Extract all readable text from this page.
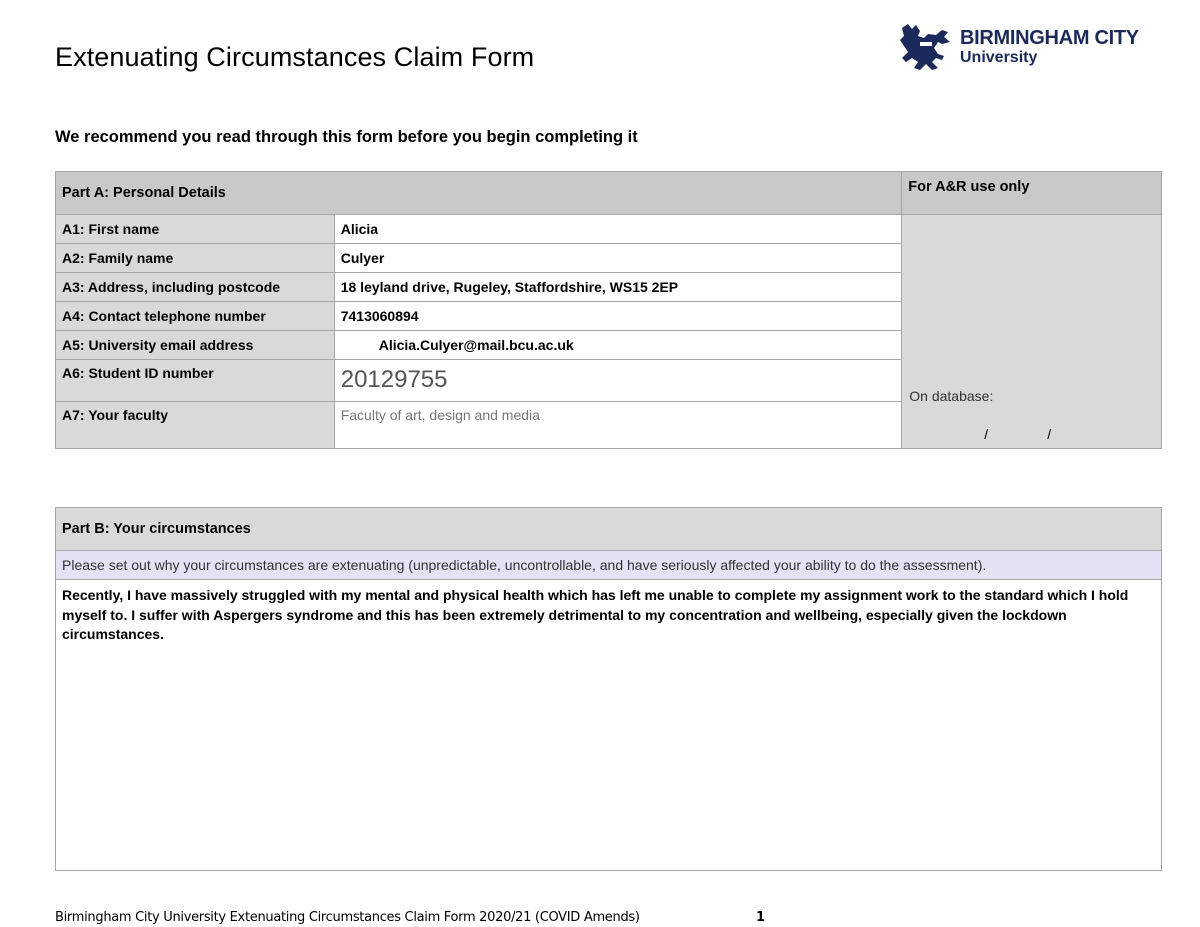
Extenuating Circumstances Claim Form
BIRMINGHAM CITY
University
We recommend you read through this form before you begin completing it
Part A: Personal Details		For A&R use only
A1: First name	Alicia	On database:
/ /

A2: Family name	Culyer	
A3: Address, including postcode	18 leyland drive, Rugeley, Staffordshire, WS15 2EP	
A4: Contact telephone number	7413060894	
A5: University email address	Alicia.Culyer@mail.bcu.ac.uk	
A6: Student ID number	20129755	
A7: Your faculty	Faculty of art, design and media	
Part B: Your circumstances
Please set out why your circumstances are extenuating (unpredictable, uncontrollable, and have seriously affected your ability to do the assessment).
Recently, I have massively struggled with my mental and physical health which has left me unable to complete my assignment work to the standard which I hold myself to. I suffer with Aspergers syndrome and this has been extremely detrimental to my concentration and wellbeing, especially given the lockdown circumstances.
Birmingham City University Extenuating Circumstances Claim Form 2020/21 (COVID Amends)	1
